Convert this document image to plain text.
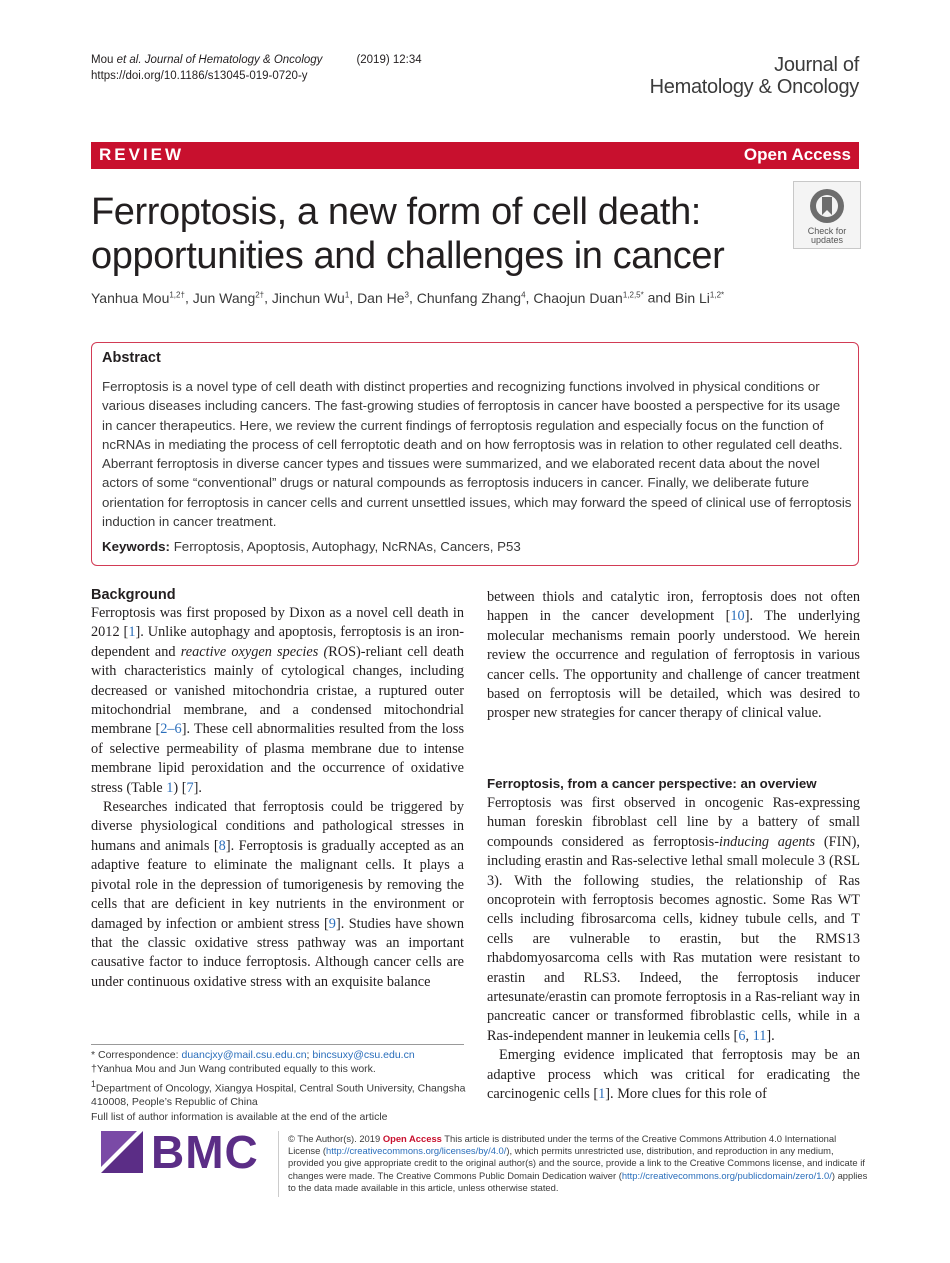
Mou et al. Journal of Hematology & Oncology	(2019) 12:34
https://doi.org/10.1186/s13045-019-0720-y	Journal of
Hematology & Oncology
REVIEW	Open Access
Ferroptosis, a new form of cell death:
opportunities and challenges in cancer
Check for
updates
Yanhua Mou$^{1,2\dagger}$, Jun Wang$^{2\dagger}$, Jinchun Wu$^1$, Dan He$^3$, Chunfang Zhang$^4$, Chaojun Duan$^{1,2,5*}$ and Bin $Li^{1,2*}$
Abstract
Ferroptosis is a novel type of cell death with distinct properties and recognizing functions involved in physical conditions or various diseases including cancers. The fast-growing studies of ferroptosis in cancer have boosted a perspective for its usage in cancer therapeutics. Here, we review the current findings of ferroptosis regulation and especially focus on the function of ncRNAs in mediating the process of cell ferroptotic death and on how ferroptosis was in relation to other regulated cell deaths. Aberrant ferroptosis in diverse cancer types and tissues were summarized, and we elaborated recent data about the novel actors of some “conventional” drugs or natural compounds as ferroptosis inducers in cancer. Finally, we deliberate future orientation for ferroptosis in cancer cells and current unsettled issues, which may forward the speed of clinical use of ferroptosis induction in cancer treatment.
Keywords: Ferroptosis, Apoptosis, Autophagy, NcRNAs, Cancers, P53
Background

Ferroptosis was first proposed by Dixon as a novel cell death in 2012 [1]. Unlike autophagy and apoptosis, ferroptosis is an iron-dependent and reactive oxygen species (ROS)-reliant cell death with characteristics mainly of cytological changes, including decreased or vanished mitochondria cristae, a ruptured outer mitochondrial membrane, and a condensed mitochondrial membrane [2–6]. These cell abnormalities resulted from the loss of selective permeability of plasma membrane due to intense membrane lipid peroxidation and the occurrence of oxidative stress (Table 1) [7].

Researches indicated that ferroptosis could be triggered by diverse physiological conditions and pathological stresses in humans and animals [8]. Ferroptosis is gradually accepted as an adaptive feature to eliminate the malignant cells. It plays a pivotal role in the depression of tumorigenesis by removing the cells that are deficient in key nutrients in the environment or damaged by infection or ambient stress [9]. Studies have shown that the classic oxidative stress pathway was an important causative factor to induce ferroptosis. Although cancer cells are under continuous oxidative stress with an exquisite balance

between thiols and catalytic iron, ferroptosis does not often happen in the cancer development [10]. The underlying molecular mechanisms remain poorly understood. We herein review the occurrence and regulation of ferroptosis in various cancer cells. The opportunity and challenge of cancer treatment based on ferroptosis will be detailed, which was desired to prosper new strategies for cancer therapy of clinical value.

Ferroptosis, from a cancer perspective: an overview

Ferroptosis was first observed in oncogenic Ras-expressing human foreskin fibroblast cell line by a battery of small compounds considered as ferroptosis-inducing agents (FIN), including erastin and Ras-selective lethal small molecule 3 (RSL 3). With the following studies, the relationship of Ras oncoprotein with ferroptosis becomes agnostic. Some Ras WT cells including fibrosarcoma cells, kidney tubule cells, and T cells are vulnerable to erastin, but the RMS13 rhabdomyosarcoma cells with Ras mutation were resistant to erastin and RLS3. Indeed, the ferroptosis inducer artesunate/erastin can promote ferroptosis in a Ras-reliant way in pancreatic cancer or transformed fibroblastic cells, while in a Ras-independent manner in leukemia cells [6, 11].

Emerging evidence implicated that ferroptosis may be an adaptive process which was critical for eradicating the carcinogenic cells [1]. More clues for this role of

* Correspondence: duancjxy@mail.csu.edu.cn; bincsuxy@csu.edu.cn
†Yanhua Mou and Jun Wang contributed equally to this work.
$^1$Department of Oncology, Xiangya Hospital, Central South University, Changsha 410008, People’s Republic of China
Full list of author information is available at the end of the article
BMC	© The Author(s). 2019 Open Access This article is distributed under the terms of the Creative Commons Attribution 4.0 International License (http://creativecommons.org/licenses/by/4.0/), which permits unrestricted use, distribution, and reproduction in any medium, provided you give appropriate credit to the original author(s) and the source, provide a link to the Creative Commons license, and indicate if changes were made. The Creative Commons Public Domain Dedication waiver (http://creativecommons.org/publicdomain/zero/1.0/) applies to the data made available in this article, unless otherwise stated.
